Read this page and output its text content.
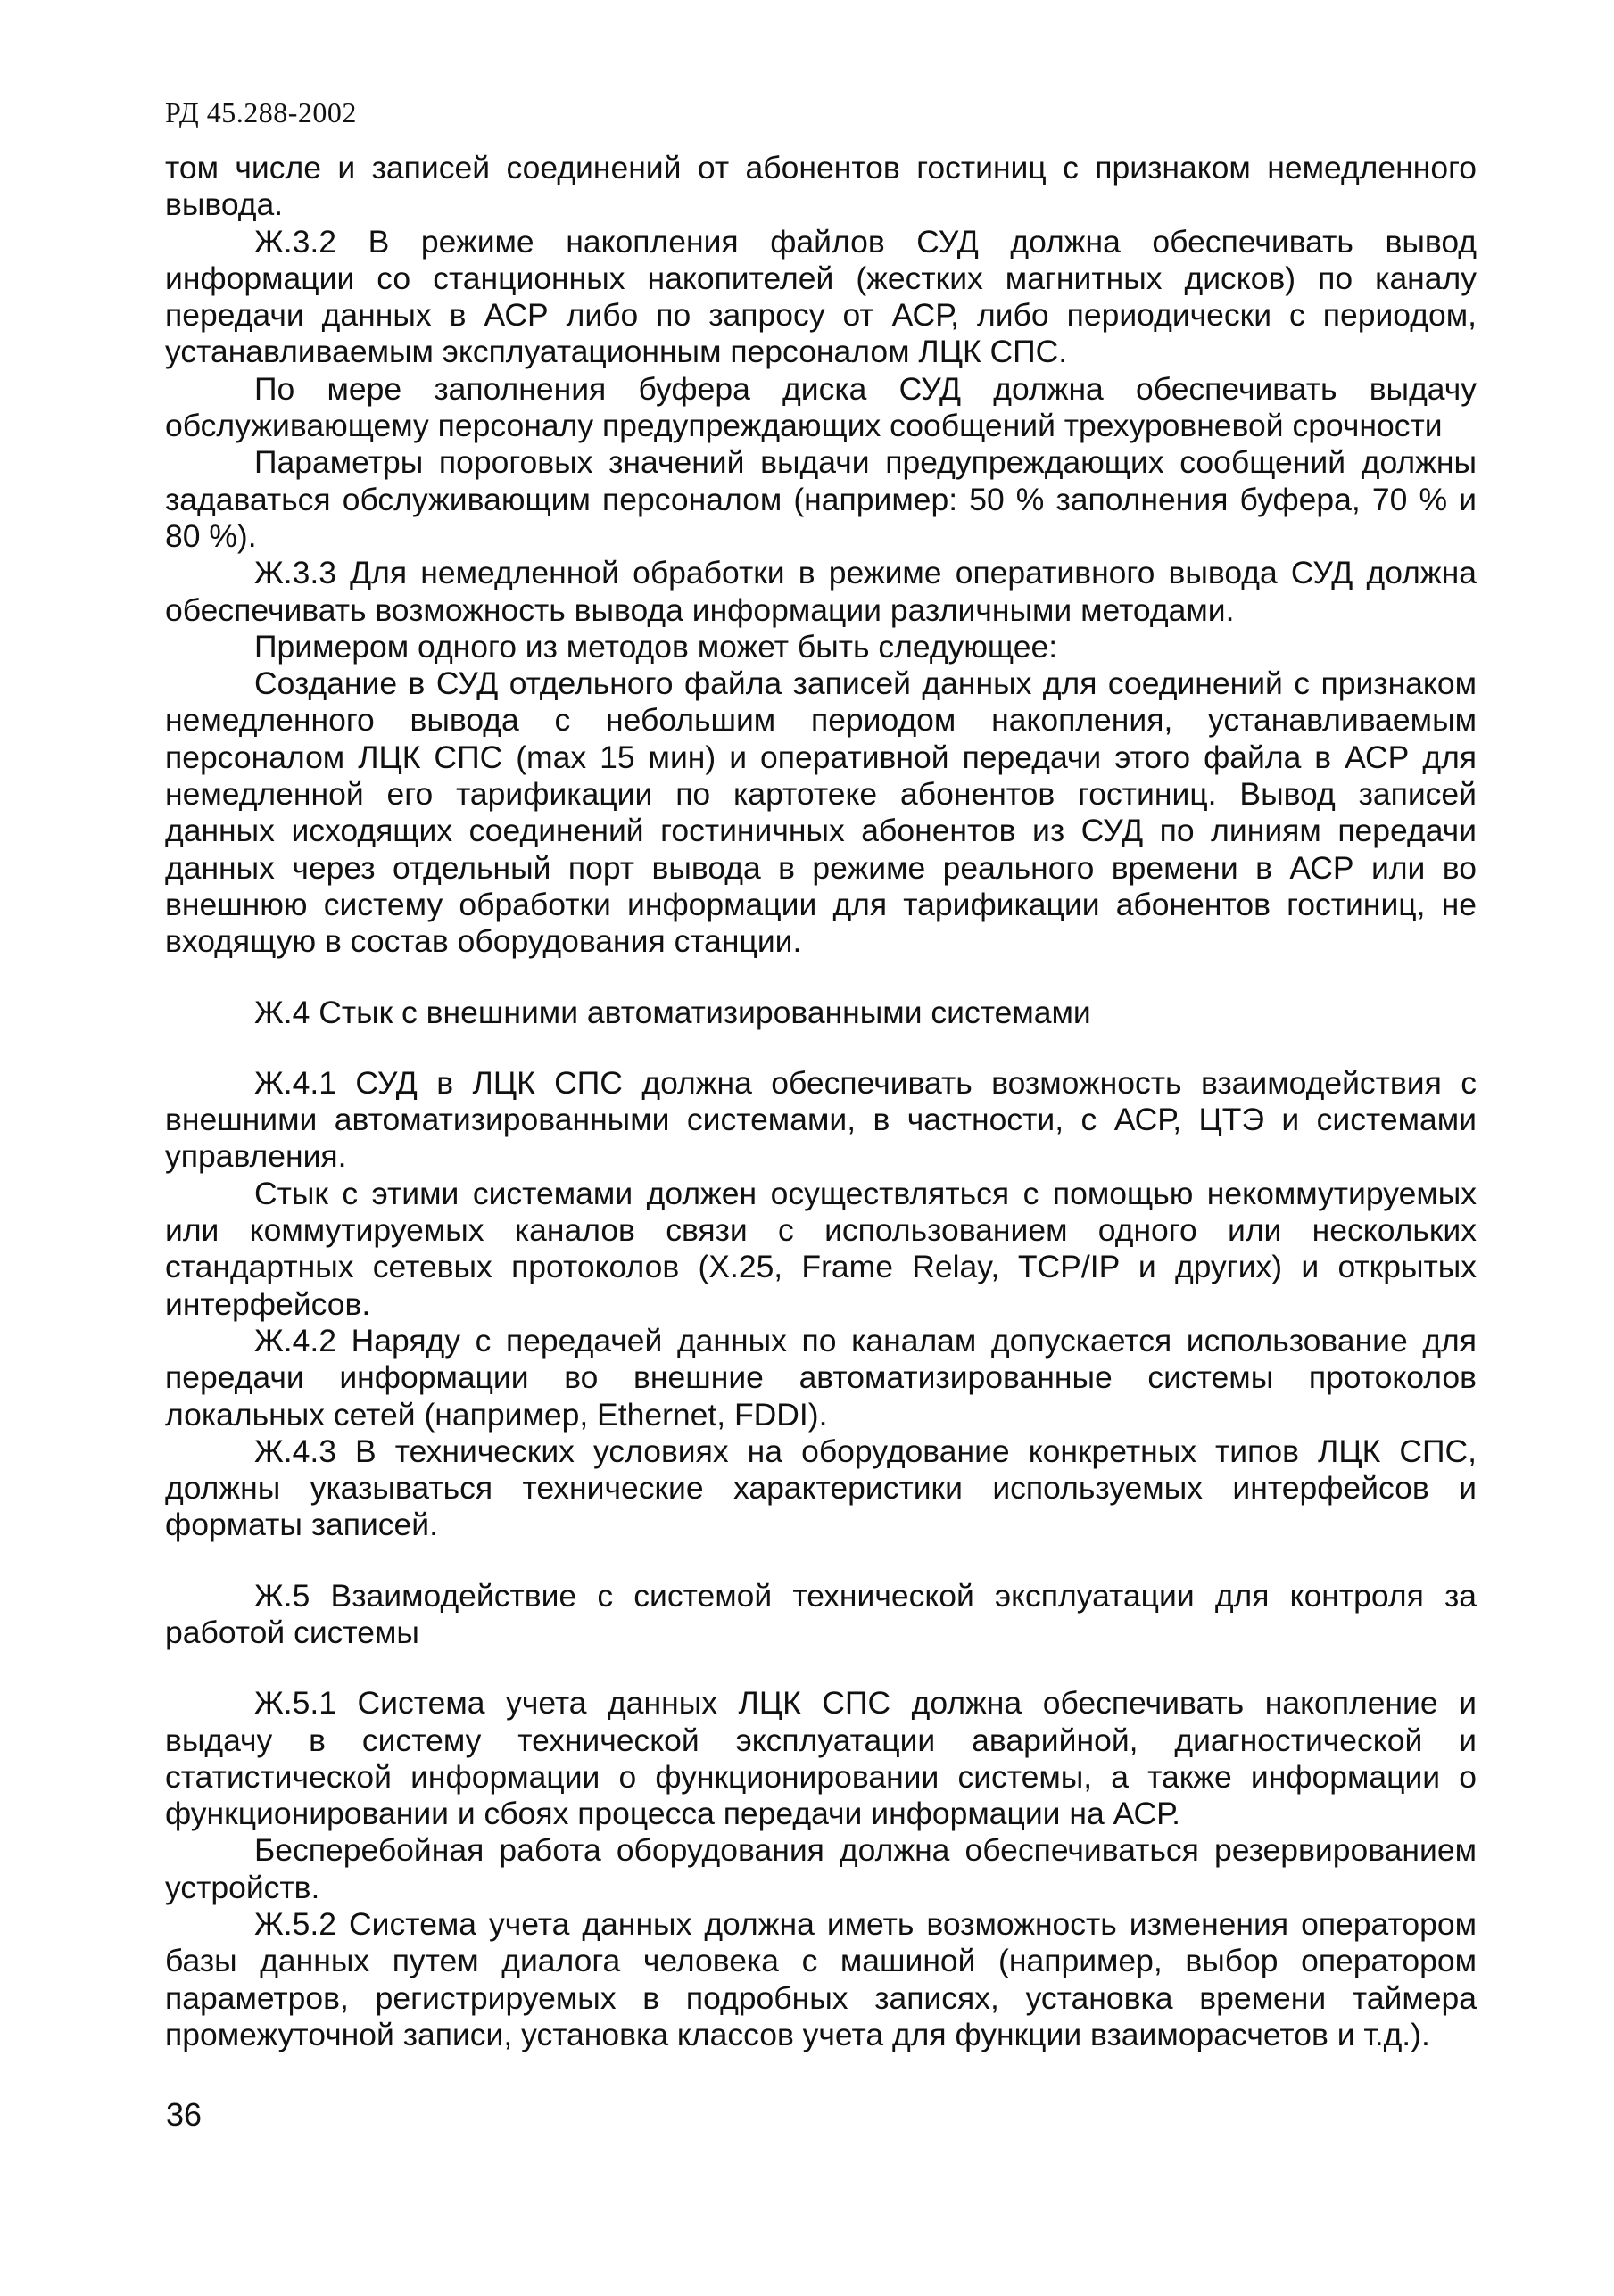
РД 45.288-2002

том числе и записей соединений от абонентов гостиниц с признаком немедленного вывода.

Ж.3.2 В режиме накопления файлов СУД должна обеспечивать вывод информации со станционных накопителей (жестких магнитных дисков) по каналу передачи данных в АСР либо по запросу от АСР, либо периодически с периодом, устанавливаемым эксплуатационным персоналом ЛЦК СПС.

По мере заполнения буфера диска СУД должна обеспечивать выдачу обслуживающему персоналу предупреждающих сообщений трехуровневой срочности

Параметры пороговых значений выдачи предупреждающих сообщений должны задаваться обслуживающим персоналом (например: 50 % заполнения буфера, 70 % и 80 %).

Ж.3.3 Для немедленной обработки в режиме оперативного вывода СУД должна обеспечивать возможность вывода информации различными методами.

Примером одного из методов может быть следующее:

Создание в СУД отдельного файла записей данных для соединений с признаком немедленного вывода с небольшим периодом накопления, устанавливаемым персоналом ЛЦК СПС (max 15 мин) и оперативной передачи этого файла в АСР для немедленной его тарификации по картотеке абонентов гостиниц. Вывод записей данных исходящих соединений гостиничных абонентов из СУД по линиям передачи данных через отдельный порт вывода в режиме реального времени в АСР или во внешнюю систему обработки информации для тарификации абонентов гостиниц, не входящую в состав оборудования станции.

Ж.4 Стык с внешними автоматизированными системами

Ж.4.1 СУД в ЛЦК СПС должна обеспечивать возможность взаимодействия с внешними автоматизированными системами, в частности, с АСР, ЦТЭ и системами управления.

Стык с этими системами должен осуществляться с помощью некоммутируемых или коммутируемых каналов связи с использованием одного или нескольких стандартных сетевых протоколов (X.25, Frame Relay, TCP/IP и других) и открытых интерфейсов.

Ж.4.2 Наряду с передачей данных по каналам допускается использование для передачи информации во внешние автоматизированные системы протоколов локальных сетей (например, Ethernet, FDDI).

Ж.4.3 В технических условиях на оборудование конкретных типов ЛЦК СПС, должны указываться технические характеристики используемых интерфейсов и форматы записей.

Ж.5 Взаимодействие с системой технической эксплуатации для контроля за работой системы

Ж.5.1 Система учета данных ЛЦК СПС должна обеспечивать накопление и выдачу в систему технической эксплуатации аварийной, диагностической и статистической информации о функционировании системы, а также информации о функционировании и сбоях процесса передачи информации на АСР.

Бесперебойная работа оборудования должна обеспечиваться резервированием устройств.

Ж.5.2 Система учета данных должна иметь возможность изменения оператором базы данных путем диалога человека с машиной (например, выбор оператором параметров, регистрируемых в подробных записях, установка времени таймера промежуточной записи, установка классов учета для функции взаиморасчетов и т.д.).

36
